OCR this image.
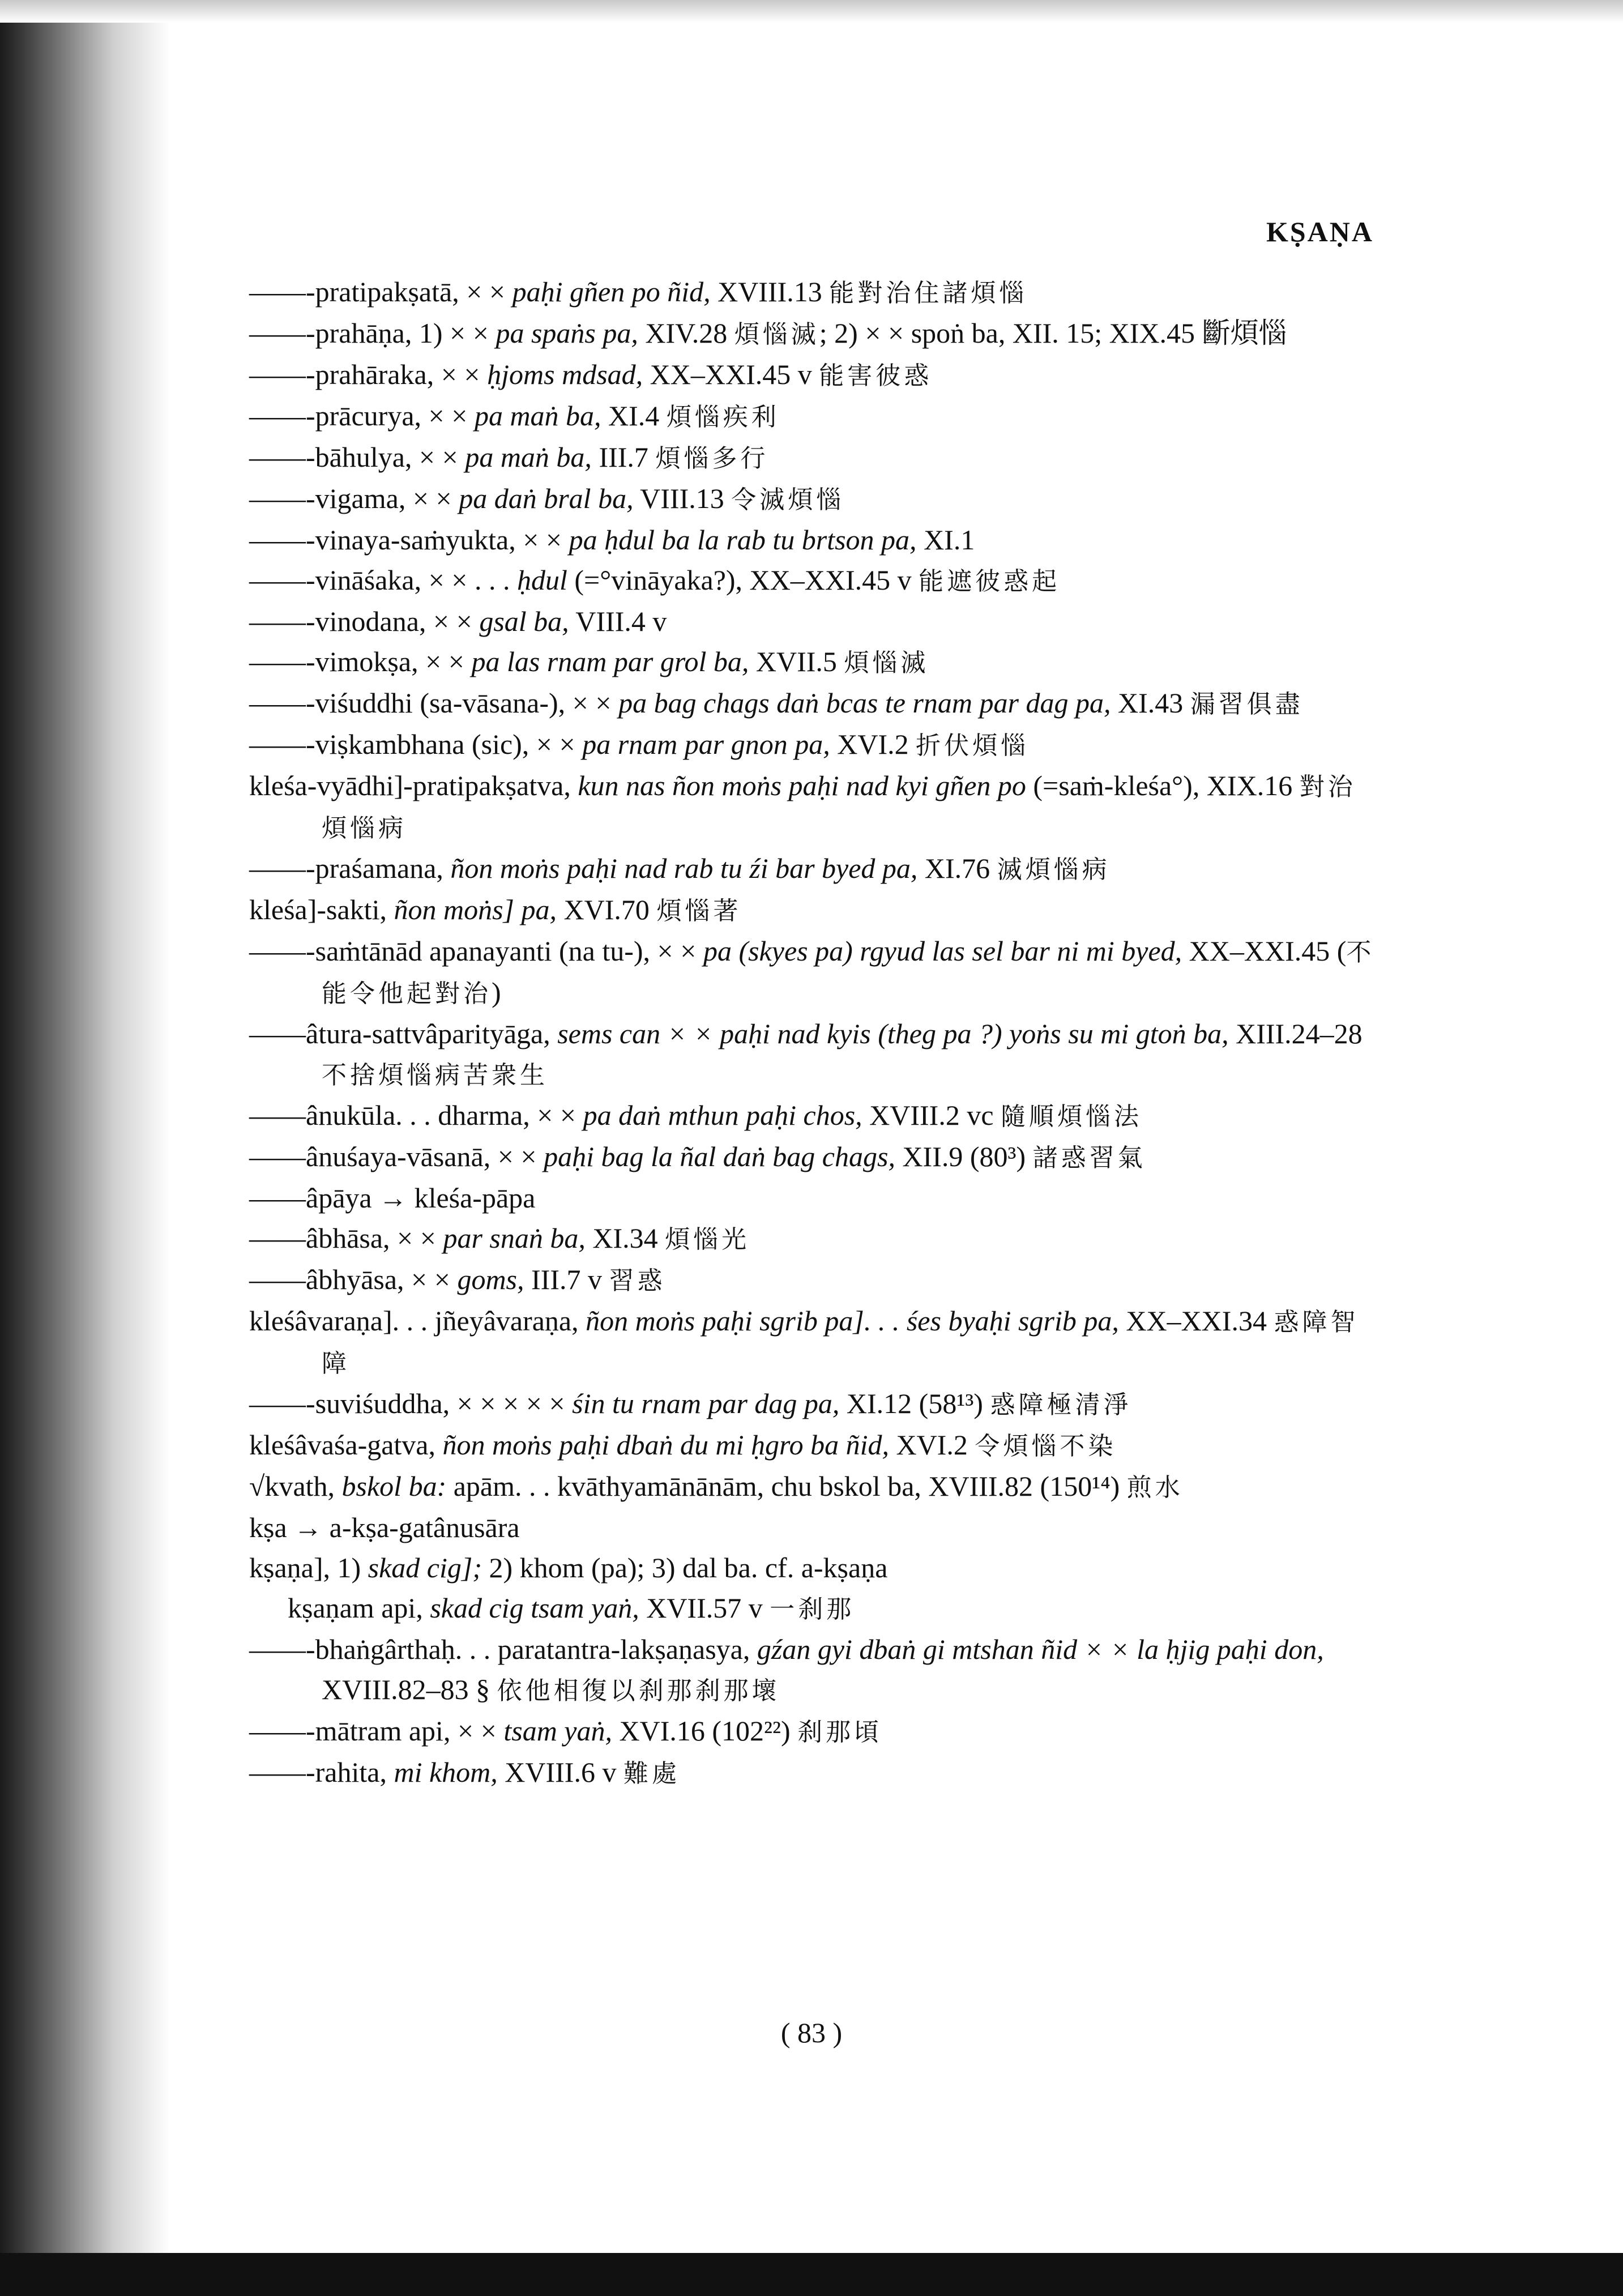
KṢAṆA

——-pratipakṣatā, × × paḥi gñen po ñid, XVIII.13 能對治住諸煩惱

——-prahāṇa, 1) × × pa spaṅs pa, XIV.28 煩惱滅; 2) × × spoṅ ba, XII. 15; XIX.45 斷煩惱

——-prahāraka, × × ḥjoms mdsad, XX–XXI.45 v 能害彼惑

——-prācurya, × × pa maṅ ba, XI.4 煩惱疾利

——-bāhulya, × × pa maṅ ba, III.7 煩惱多行

——-vigama, × × pa daṅ bral ba, VIII.13 令滅煩惱

——-vinaya-saṁyukta, × × pa ḥdul ba la rab tu brtson pa, XI.1

——-vināśaka, × × . . . ḥdul (=°vināyaka?), XX–XXI.45 v 能遮彼惑起

——-vinodana, × × gsal ba, VIII.4 v

——-vimokṣa, × × pa las rnam par grol ba, XVII.5 煩惱滅

——-viśuddhi (sa-vāsana-), × × pa bag chags daṅ bcas te rnam par dag pa, XI.43 漏習俱盡

——-viṣkambhana (sic), × × pa rnam par gnon pa, XVI.2 折伏煩惱

kleśa-vyādhi]-pratipakṣatva, kun nas ñon moṅs paḥi nad kyi gñen po (=saṁ-kleśa°), XIX.16 對治煩惱病

——-praśamana, ñon moṅs paḥi nad rab tu źi bar byed pa, XI.76 滅煩惱病

kleśa]-sakti, ñon moṅs] pa, XVI.70 煩惱著

——-saṁtānād apanayanti (na tu-), × × pa (skyes pa) rgyud las sel bar ni mi byed, XX–XXI.45 (不能令他起對治)

——âtura-sattvâparityāga, sems can × × paḥi nad kyis (theg pa ?) yoṅs su mi gtoṅ ba, XIII.24–28 不捨煩惱病苦衆生

——ânukūla. . . dharma, × × pa daṅ mthun paḥi chos, XVIII.2 vc 隨順煩惱法

——ânuśaya-vāsanā, × × paḥi bag la ñal daṅ bag chags, XII.9 (80³) 諸惑習氣

——âpāya → kleśa-pāpa

——âbhāsa, × × par snaṅ ba, XI.34 煩惱光

——âbhyāsa, × × goms, III.7 v 習惑

kleśâvaraṇa]. . . jñeyâvaraṇa, ñon moṅs paḥi sgrib pa]. . . śes byaḥi sgrib pa, XX–XXI.34 惑障智障

——-suviśuddha, × × × × × śin tu rnam par dag pa, XI.12 (58¹³) 惑障極清淨

kleśâvaśa-gatva, ñon moṅs paḥi dbaṅ du mi ḥgro ba ñid, XVI.2 令煩惱不染

√kvath, bskol ba: apām. . . kvāthyamānānām, chu bskol ba, XVIII.82 (150¹⁴) 煎水

kṣa → a-kṣa-gatânusāra

kṣaṇa], 1) skad cig]; 2) khom (pa); 3) dal ba. cf. a-kṣaṇa

kṣaṇam api, skad cig tsam yaṅ, XVII.57 v 一刹那

——-bhaṅgârthaḥ. . . paratantra-lakṣaṇasya, gźan gyi dbaṅ gi mtshan ñid × × la ḥjig paḥi don, XVIII.82–83 § 依他相復以刹那刹那壞

——-mātram api, × × tsam yaṅ, XVI.16 (102²²) 刹那頃

——-rahita, mi khom, XVIII.6 v 難處

( 83 )
